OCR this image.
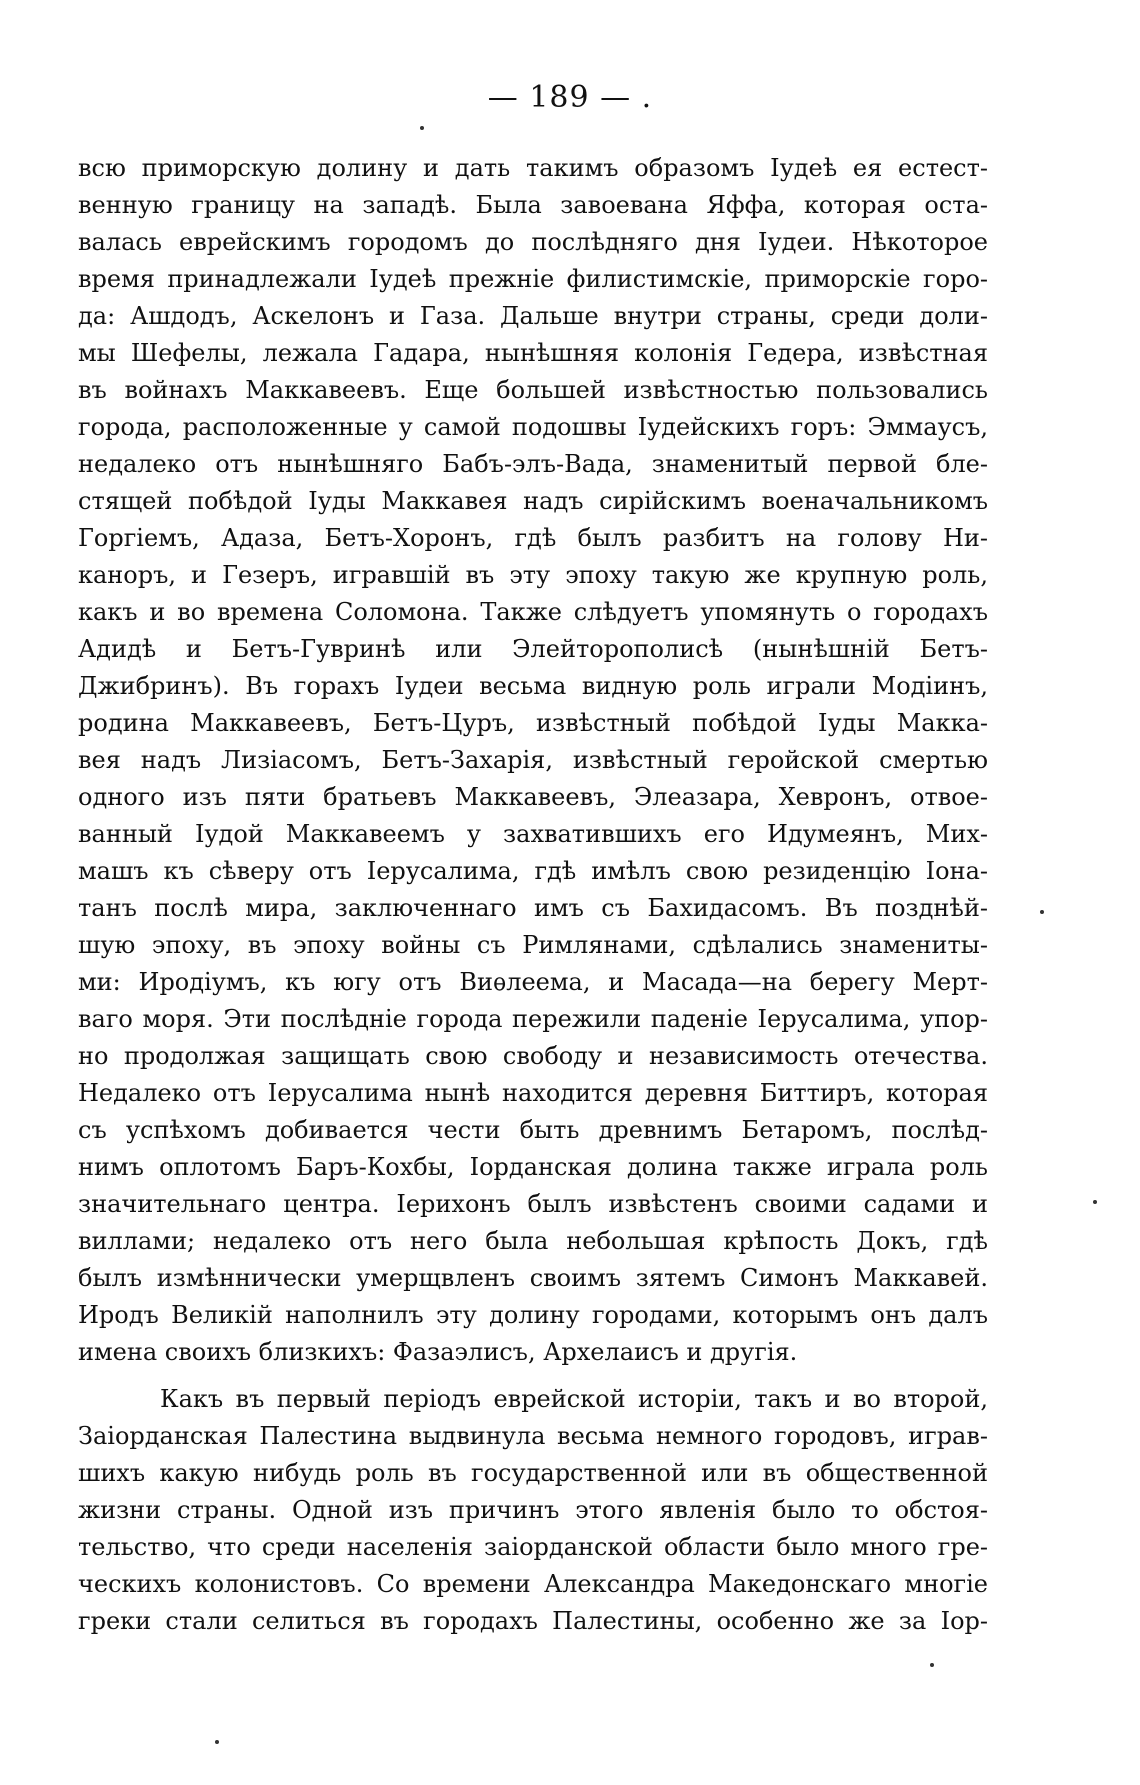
— 189 — .
всю приморскую долину и дать такимъ образомъ Іудеѣ ея естест-
венную границу на западѣ. Была завоевана Яффа, которая оста-
валась еврейскимъ городомъ до послѣдняго дня Іудеи. Нѣкоторое
время принадлежали Іудеѣ прежніе филистимскіе, приморскіе горо-
да: Ашдодъ, Аскелонъ и Газа. Дальше внутри страны, среди доли-
мы Шефелы, лежала Гадара, нынѣшняя колонія Гедера, извѣстная
въ войнахъ Маккавеевъ. Еще большей извѣстностью пользовались
города, расположенные у самой подошвы Іудейскихъ горъ: Эммаусъ,
недалеко отъ нынѣшняго Бабъ-элъ-Вада, знаменитый первой бле-
стящей побѣдой Іуды Маккавея надъ сирійскимъ военачальникомъ
Горгіемъ, Адаза, Бетъ-Хоронъ, гдѣ былъ разбитъ на голову Ни-
каноръ, и Гезеръ, игравшій въ эту эпоху такую же крупную роль,
какъ и во времена Соломона. Также слѣдуетъ упомянуть о городахъ
Адидѣ и Бетъ-Гувринѣ или Элейторополисѣ (нынѣшній Бетъ-
Джибринъ). Въ горахъ Іудеи весьма видную роль играли Модіинъ,
родина Маккавеевъ, Бетъ-Цуръ, извѣстный побѣдой Іуды Макка-
вея надъ Лизіасомъ, Бетъ-Захарія, извѣстный геройской смертью
одного изъ пяти братьевъ Маккавеевъ, Элеазара, Хевронъ, отвое-
ванный Іудой Маккавеемъ у захватившихъ его Идумеянъ, Мих-
машъ къ сѣверу отъ Іерусалима, гдѣ имѣлъ свою резиденцію Іона-
танъ послѣ мира, заключеннаго имъ съ Бахидасомъ. Въ позднѣй-
шую эпоху, въ эпоху войны съ Римлянами, сдѣлались знамениты-
ми: Иродіумъ, къ югу отъ Виѳлеема, и Масада—на берегу Мерт-
ваго моря. Эти послѣдніе города пережили паденіе Іерусалима, упор-
но продолжая защищать свою свободу и независимость отечества.
Недалеко отъ Іерусалима нынѣ находится деревня Биттиръ, которая
съ успѣхомъ добивается чести быть древнимъ Бетаромъ, послѣд-
нимъ оплотомъ Баръ-Кохбы, Іорданская долина также играла роль
значительнаго центра. Іерихонъ былъ извѣстенъ своими садами и
виллами; недалеко отъ него была небольшая крѣпость Докъ, гдѣ
былъ измѣннически умерщвленъ своимъ зятемъ Симонъ Маккавей.
Иродъ Великій наполнилъ эту долину городами, которымъ онъ далъ
имена своихъ близкихъ: Фазаэлисъ, Архелаисъ и другія.
Какъ въ первый періодъ еврейской исторіи, такъ и во второй,
Заіорданская Палестина выдвинула весьма немного городовъ, играв-
шихъ какую нибудь роль въ государственной или въ общественной
жизни страны. Одной изъ причинъ этого явленія было то обстоя-
тельство, что среди населенія заіорданской области было много гре-
ческихъ колонистовъ. Со времени Александра Македонскаго многіе
греки стали селиться въ городахъ Палестины, особенно же за Іор-
